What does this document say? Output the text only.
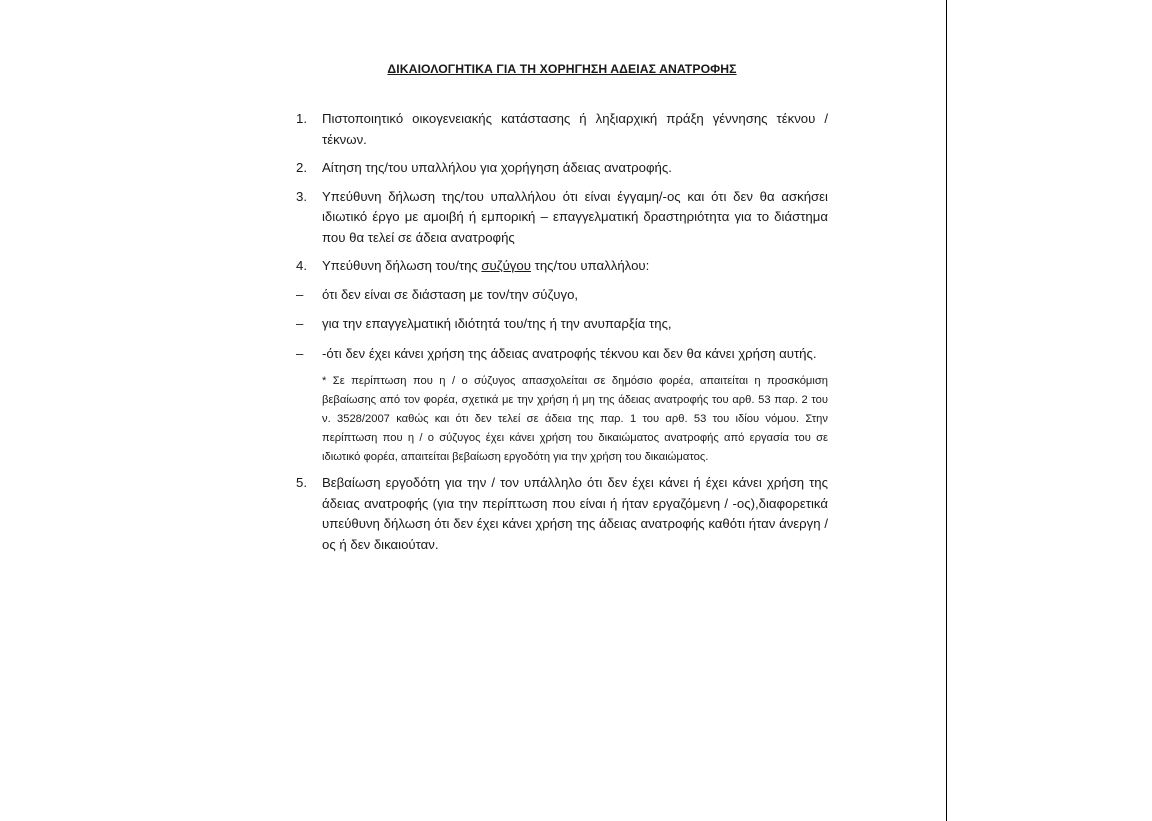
ΔΙΚΑΙΟΛΟΓΗΤΙΚΑ ΓΙΑ ΤΗ ΧΟΡΗΓΗΣΗ ΑΔΕΙΑΣ ΑΝΑΤΡΟΦΗΣ
1.	Πιστοποιητικό οικογενειακής κατάστασης ή ληξιαρχική πράξη γέννησης τέκνου / τέκνων.
2.	Αίτηση της/του υπαλλήλου για χορήγηση άδειας ανατροφής.
3.	Υπεύθυνη δήλωση της/του υπαλλήλου ότι είναι έγγαμη/-ος και ότι δεν θα ασκήσει ιδιωτικό έργο με αμοιβή ή εμπορική – επαγγελματική δραστηριότητα για το διάστημα που θα τελεί σε άδεια ανατροφής
4.	Υπεύθυνη δήλωση του/της συζύγου της/του υπαλλήλου:
–	ότι δεν είναι σε διάσταση με τον/την σύζυγο,
–	για την επαγγελματική ιδιότητά του/της ή την ανυπαρξία της,
–	-ότι δεν έχει κάνει χρήση της άδειας ανατροφής τέκνου και δεν θα κάνει χρήση αυτής.
* Σε περίπτωση που η / ο σύζυγος απασχολείται σε δημόσιο φορέα, απαιτείται η προσκόμιση βεβαίωσης από τον φορέα, σχετικά με την χρήση ή μη της άδειας ανατροφής του αρθ. 53 παρ. 2 του ν. 3528/2007 καθώς και ότι δεν τελεί σε άδεια της παρ. 1 του αρθ. 53 του ιδίου νόμου. Στην περίπτωση που η / ο σύζυγος έχει κάνει χρήση του δικαιώματος ανατροφής από εργασία του σε ιδιωτικό φορέα, απαιτείται βεβαίωση εργοδότη για την χρήση του δικαιώματος.
5.	Βεβαίωση εργοδότη για την / τον υπάλληλο ότι δεν έχει κάνει ή έχει κάνει χρήση της άδειας ανατροφής (για την περίπτωση που είναι ή ήταν εργαζόμενη / -ος),διαφορετικά υπεύθυνη δήλωση ότι δεν έχει κάνει χρήση της άδειας ανατροφής καθότι ήταν άνεργη / ος ή δεν δικαιούταν.
